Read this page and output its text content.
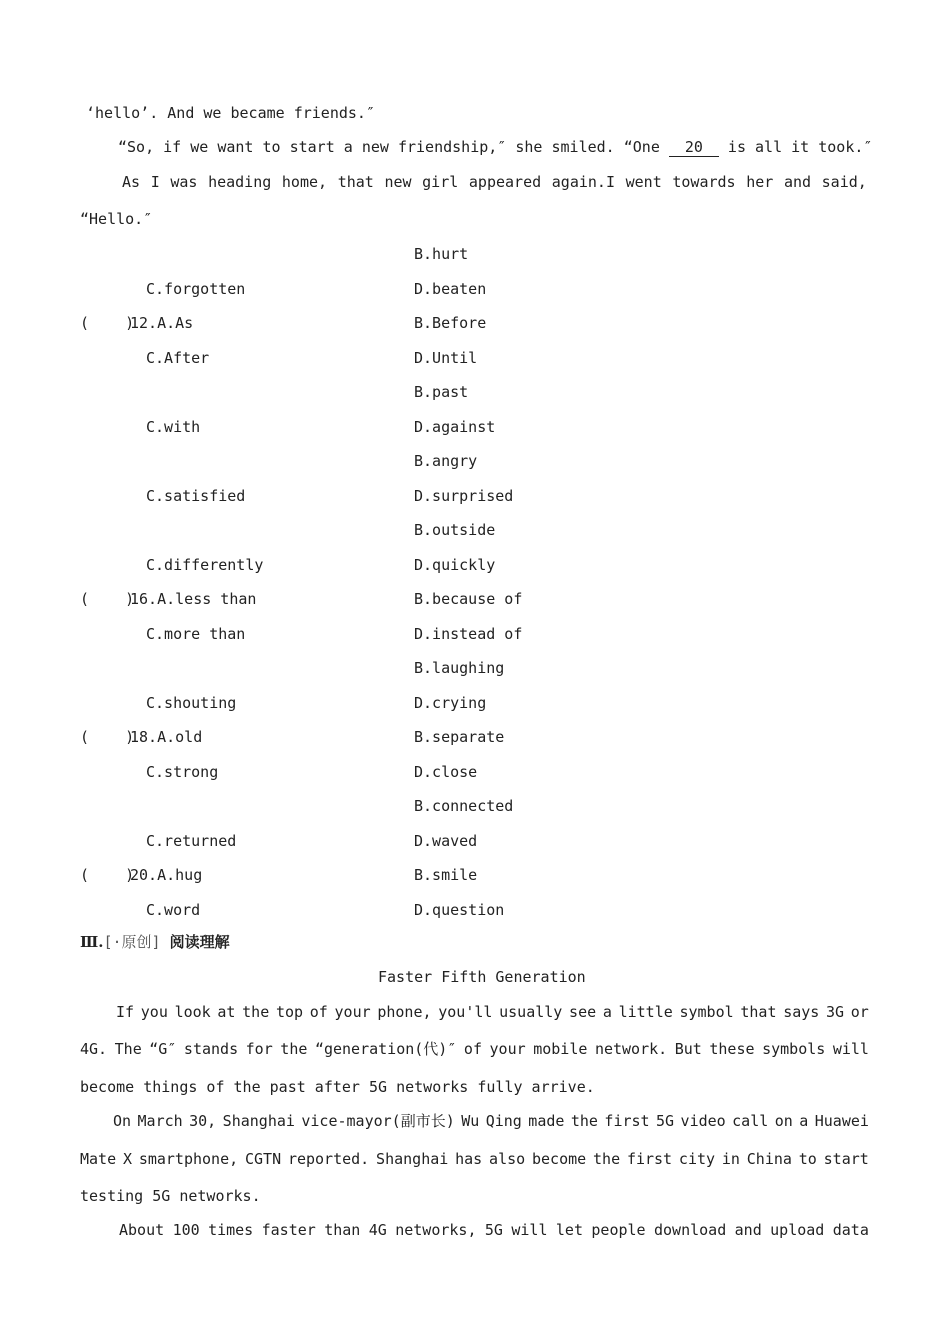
‘hello’. And we became friends.″
“So, if we want to start a new friendship,″ she smiled. “One 20 is all it took.″
As I was heading home, that new girl appeared again.I went towards her and said,
“Hello.″
B.hurt
C.forgotten	D.beaten
(    )
12.A.As	B.Before
C.After	D.Until
B.past
C.with	D.against
B.angry
C.satisfied	D.surprised
B.outside
C.differently	D.quickly
(    )
16.A.less than	B.because of
C.more than	D.instead of
B.laughing
C.shouting	D.crying
(    )
18.A.old	B.separate
C.strong	D.close
B.connected
C.returned	D.waved
(    )
20.A.hug	B.smile
C.word	D.question
Ⅲ.[·原创] 阅读理解
Faster Fifth Generation
If you look at the top of your phone, you'll usually see a little symbol that says 3G or
4G. The “G″ stands for the “generation(代)″ of your mobile network. But these symbols will
become things of the past after 5G networks fully arrive.
On March 30, Shanghai vice-mayor(副市长) Wu Qing made the first 5G video call on a Huawei
Mate X smartphone, CGTN reported. Shanghai has also become the first city in China to start
testing 5G networks.
About 100 times faster than 4G networks, 5G will let people download and upload data
